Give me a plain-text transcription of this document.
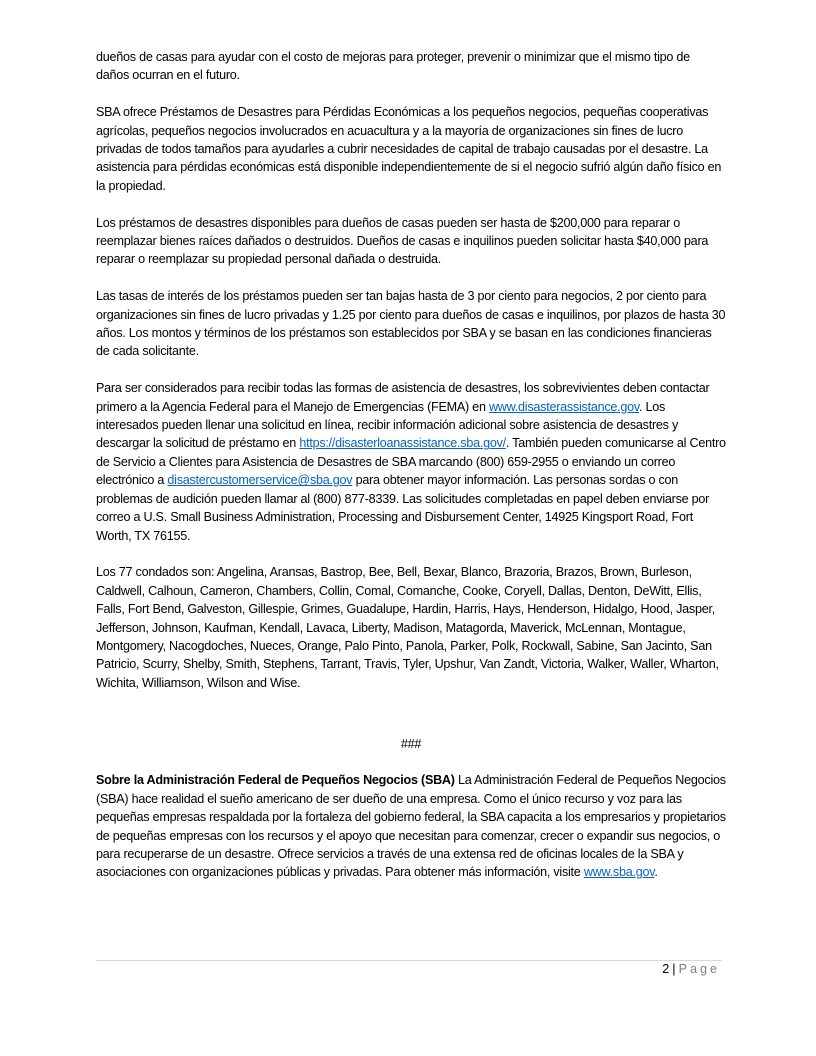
dueños de casas para ayudar con el costo de mejoras para proteger, prevenir o minimizar que el mismo tipo de daños ocurran en el futuro.

SBA ofrece Préstamos de Desastres para Pérdidas Económicas a los pequeños negocios, pequeñas cooperativas agrícolas, pequeños negocios involucrados en acuacultura y a la mayoría de organizaciones sin fines de lucro privadas de todos tamaños para ayudarles a cubrir necesidades de capital de trabajo causadas por el desastre. La asistencia para pérdidas económicas está disponible independientemente de si el negocio sufrió algún daño físico en la propiedad.

Los préstamos de desastres disponibles para dueños de casas pueden ser hasta de $200,000 para reparar o reemplazar bienes raíces dañados o destruidos. Dueños de casas e inquilinos pueden solicitar hasta $40,000 para reparar o reemplazar su propiedad personal dañada o destruida.

Las tasas de interés de los préstamos pueden ser tan bajas hasta de 3 por ciento para negocios, 2 por ciento para organizaciones sin fines de lucro privadas y 1.25 por ciento para dueños de casas e inquilinos, por plazos de hasta 30 años. Los montos y términos de los préstamos son establecidos por SBA y se basan en las condiciones financieras de cada solicitante.

Para ser considerados para recibir todas las formas de asistencia de desastres, los sobrevivientes deben contactar primero a la Agencia Federal para el Manejo de Emergencias (FEMA) en www.disasterassistance.gov. Los interesados pueden llenar una solicitud en línea, recibir información adicional sobre asistencia de desastres y descargar la solicitud de préstamo en https://disasterloanassistance.sba.gov/. También pueden comunicarse al Centro de Servicio a Clientes para Asistencia de Desastres de SBA marcando (800) 659-2955 o enviando un correo electrónico a disastercustomerservice@sba.gov para obtener mayor información. Las personas sordas o con problemas de audición pueden llamar al (800) 877-8339. Las solicitudes completadas en papel deben enviarse por correo a U.S. Small Business Administration, Processing and Disbursement Center, 14925 Kingsport Road, Fort Worth, TX 76155.

Los 77 condados son: Angelina, Aransas, Bastrop, Bee, Bell, Bexar, Blanco, Brazoria, Brazos, Brown, Burleson, Caldwell, Calhoun, Cameron, Chambers, Collin, Comal, Comanche, Cooke, Coryell, Dallas, Denton, DeWitt, Ellis, Falls, Fort Bend, Galveston, Gillespie, Grimes, Guadalupe, Hardin, Harris, Hays, Henderson, Hidalgo, Hood, Jasper, Jefferson, Johnson, Kaufman, Kendall, Lavaca, Liberty, Madison, Matagorda, Maverick, McLennan, Montague, Montgomery, Nacogdoches, Nueces, Orange, Palo Pinto, Panola, Parker, Polk, Rockwall, Sabine, San Jacinto, San Patricio, Scurry, Shelby, Smith, Stephens, Tarrant, Travis, Tyler, Upshur, Van Zandt, Victoria, Walker, Waller, Wharton, Wichita, Williamson, Wilson and Wise.

###

Sobre la Administración Federal de Pequeños Negocios (SBA) La Administración Federal de Pequeños Negocios (SBA) hace realidad el sueño americano de ser dueño de una empresa. Como el único recurso y voz para las pequeñas empresas respaldada por la fortaleza del gobierno federal, la SBA capacita a los empresarios y propietarios de pequeñas empresas con los recursos y el apoyo que necesitan para comenzar, crecer o expandir sus negocios, o para recuperarse de un desastre. Ofrece servicios a través de una extensa red de oficinas locales de la SBA y asociaciones con organizaciones públicas y privadas. Para obtener más información, visite www.sba.gov.

2 | Page
